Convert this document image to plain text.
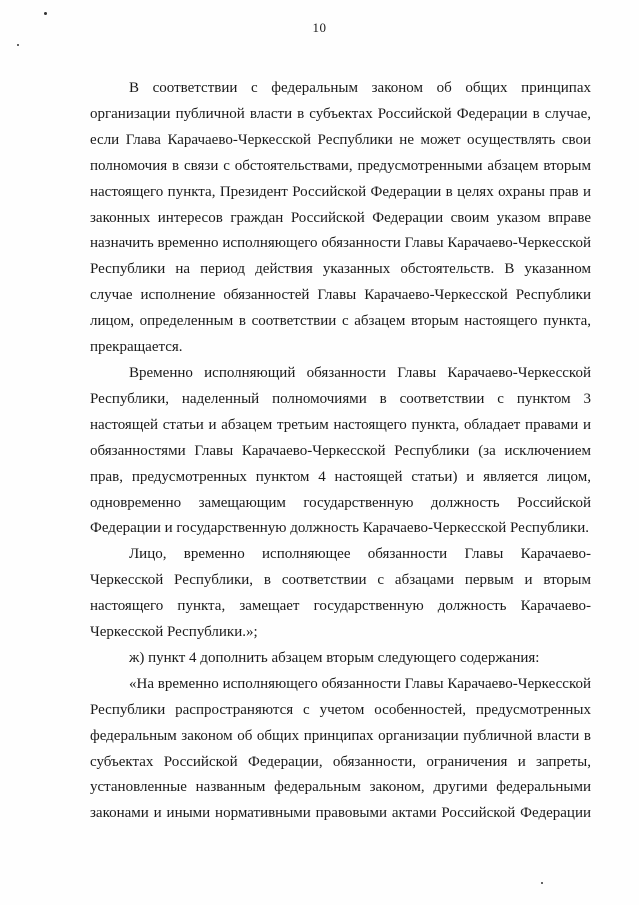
10

В соответствии с федеральным законом об общих принципах организации публичной власти в субъектах Российской Федерации в случае, если Глава Карачаево-Черкесской Республики не может осуществлять свои полномочия в связи с обстоятельствами, предусмотренными абзацем вторым настоящего пункта, Президент Российской Федерации в целях охраны прав и законных интересов граждан Российской Федерации своим указом вправе назначить временно исполняющего обязанности Главы Карачаево-Черкесской Республики на период действия указанных обстоятельств. В указанном случае исполнение обязанностей Главы Карачаево-Черкесской Республики лицом, определенным в соответствии с абзацем вторым настоящего пункта, прекращается.

Временно исполняющий обязанности Главы Карачаево-Черкесской Республики, наделенный полномочиями в соответствии с пунктом 3 настоящей статьи и абзацем третьим настоящего пункта, обладает правами и обязанностями Главы Карачаево-Черкесской Республики (за исключением прав, предусмотренных пунктом 4 настоящей статьи) и является лицом, одновременно замещающим государственную должность Российской Федерации и государственную должность Карачаево-Черкесской Республики.

Лицо, временно исполняющее обязанности Главы Карачаево-Черкесской Республики, в соответствии с абзацами первым и вторым настоящего пункта, замещает государственную должность Карачаево-Черкесской Республики.»;

ж) пункт 4 дополнить абзацем вторым следующего содержания:

«На временно исполняющего обязанности Главы Карачаево-Черкесской Республики распространяются с учетом особенностей, предусмотренных федеральным законом об общих принципах организации публичной власти в субъектах Российской Федерации, обязанности, ограничения и запреты, установленные названным федеральным законом, другими федеральными законами и иными нормативными правовыми актами Российской Федерации
